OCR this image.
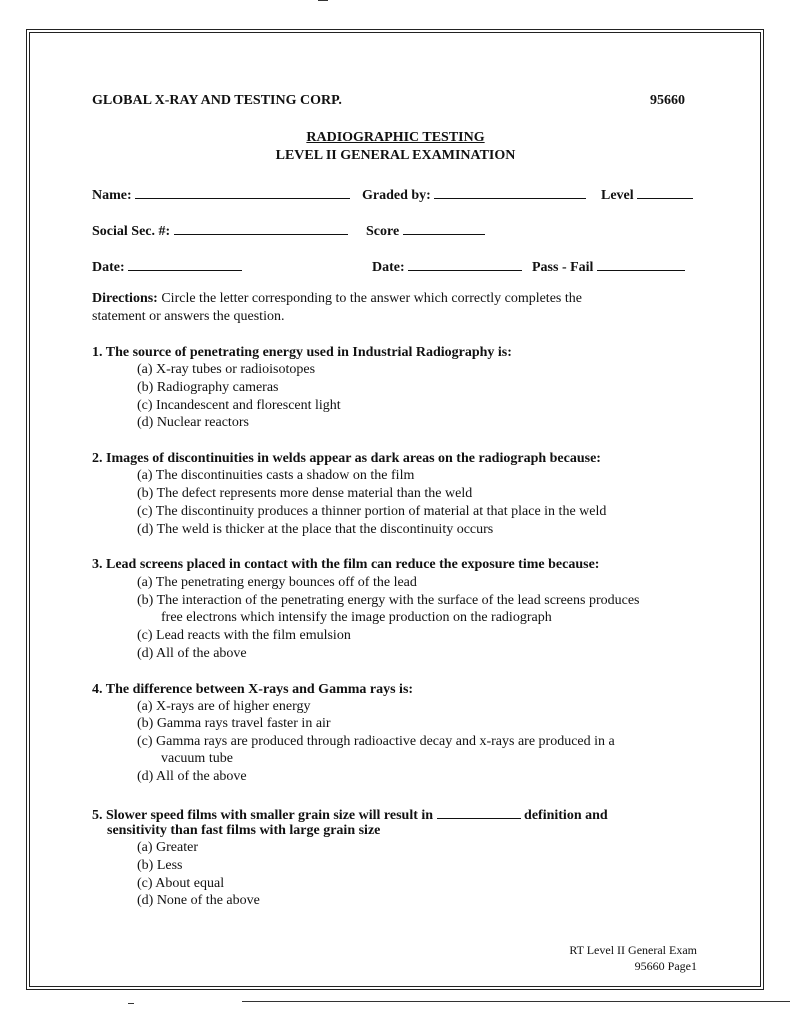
GLOBAL X-RAY AND TESTING CORP.	95660
RADIOGRAPHIC TESTING
LEVEL II GENERAL EXAMINATION
Name:	Graded by:	Level
Social Sec. #:	Score
Date:	Date:	Pass - Fail
Directions: Circle the letter corresponding to the answer which correctly completes the
statement or answers the question.
1. The source of penetrating energy used in Industrial Radiography is:
(a) X-ray tubes or radioisotopes
(b) Radiography cameras
(c) Incandescent and florescent light
(d) Nuclear reactors
2. Images of discontinuities in welds appear as dark areas on the radiograph because:
(a) The discontinuities casts a shadow on the film
(b) The defect represents more dense material than the weld
(c) The discontinuity produces a thinner portion of material at that place in the weld
(d) The weld is thicker at the place that the discontinuity occurs
3. Lead screens placed in contact with the film can reduce the exposure time because:
(a) The penetrating energy bounces off of the lead
(b) The interaction of the penetrating energy with the surface of the lead screens produces
free electrons which intensify the image production on the radiograph
(c) Lead reacts with the film emulsion
(d) All of the above
4. The difference between X-rays and Gamma rays is:
(a) X-rays are of higher energy
(b) Gamma rays travel faster in air
(c) Gamma rays are produced through radioactive decay and x-rays are produced in a
vacuum tube
(d) All of the above
5. Slower speed films with smaller grain size will result in	definition and
sensitivity than fast films with large grain size
(a) Greater
(b) Less
(c) About equal
(d) None of the above
RT Level II General Exam
95660 Page1
